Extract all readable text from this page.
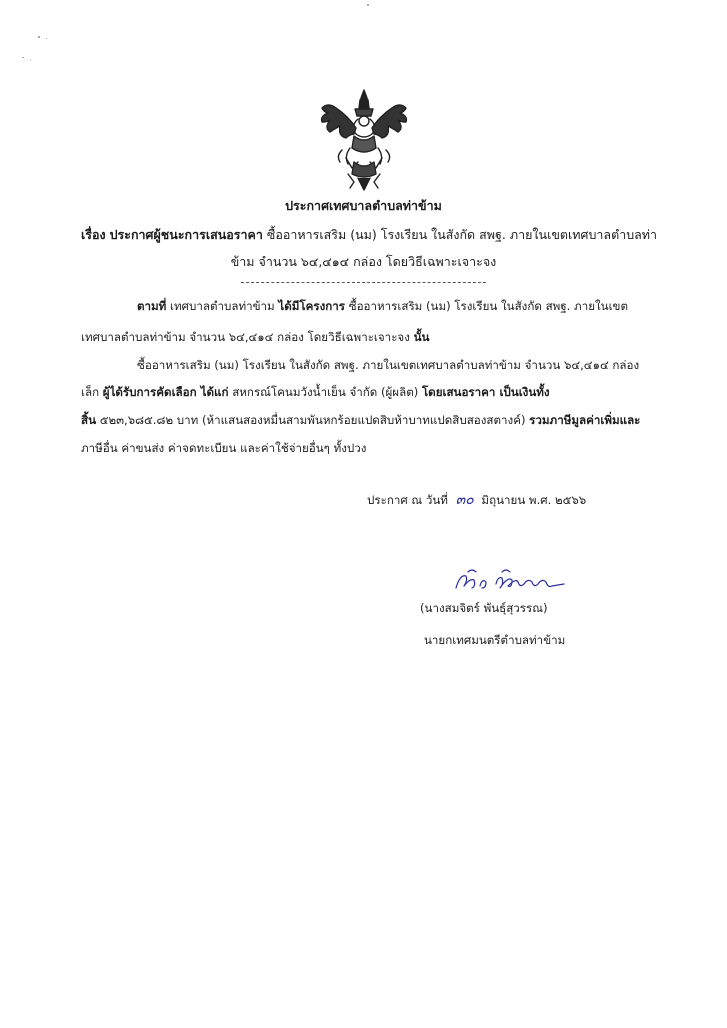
ประกาศเทศบาลตำบลท่าข้าม
เรื่อง ประกาศผู้ชนะการเสนอราคา ซื้ออาหารเสริม (นม) โรงเรียน ในสังกัด สพฐ. ภายในเขตเทศบาลตำบลท่า
ข้าม จำนวน ๖๔,๔๑๔ กล่อง โดยวิธีเฉพาะเจาะจง
ตามที่ เทศบาลตำบลท่าข้าม ได้มีโครงการ ซื้ออาหารเสริม (นม) โรงเรียน ในสังกัด สพฐ. ภายในเขต
เทศบาลตำบลท่าข้าม จำนวน ๖๔,๔๑๔ กล่อง โดยวิธีเฉพาะเจาะจง นั้น
ซื้ออาหารเสริม (นม) โรงเรียน ในสังกัด สพฐ. ภายในเขตเทศบาลตำบลท่าข้าม จำนวน ๖๔,๔๑๔ กล่อง
เล็ก ผู้ได้รับการคัดเลือก ได้แก่ สหกรณ์โคนมวังน้ำเย็น จำกัด (ผู้ผลิต) โดยเสนอราคา เป็นเงินทั้ง
สิ้น ๕๒๓,๖๘๕.๘๒ บาท (ห้าแสนสองหมื่นสามพันหกร้อยแปดสิบห้าบาทแปดสิบสองสตางค์) รวมภาษีมูลค่าเพิ่มและ
ภาษีอื่น ค่าขนส่ง ค่าจดทะเบียน และค่าใช้จ่ายอื่นๆ ทั้งปวง
ประกาศ ณ วันที่ ๓๐ มิถุนายน พ.ศ. ๒๕๖๖
(นางสมจิตร์ พันธุ์สุวรรณ)
นายกเทศมนตรีตำบลท่าข้าม
